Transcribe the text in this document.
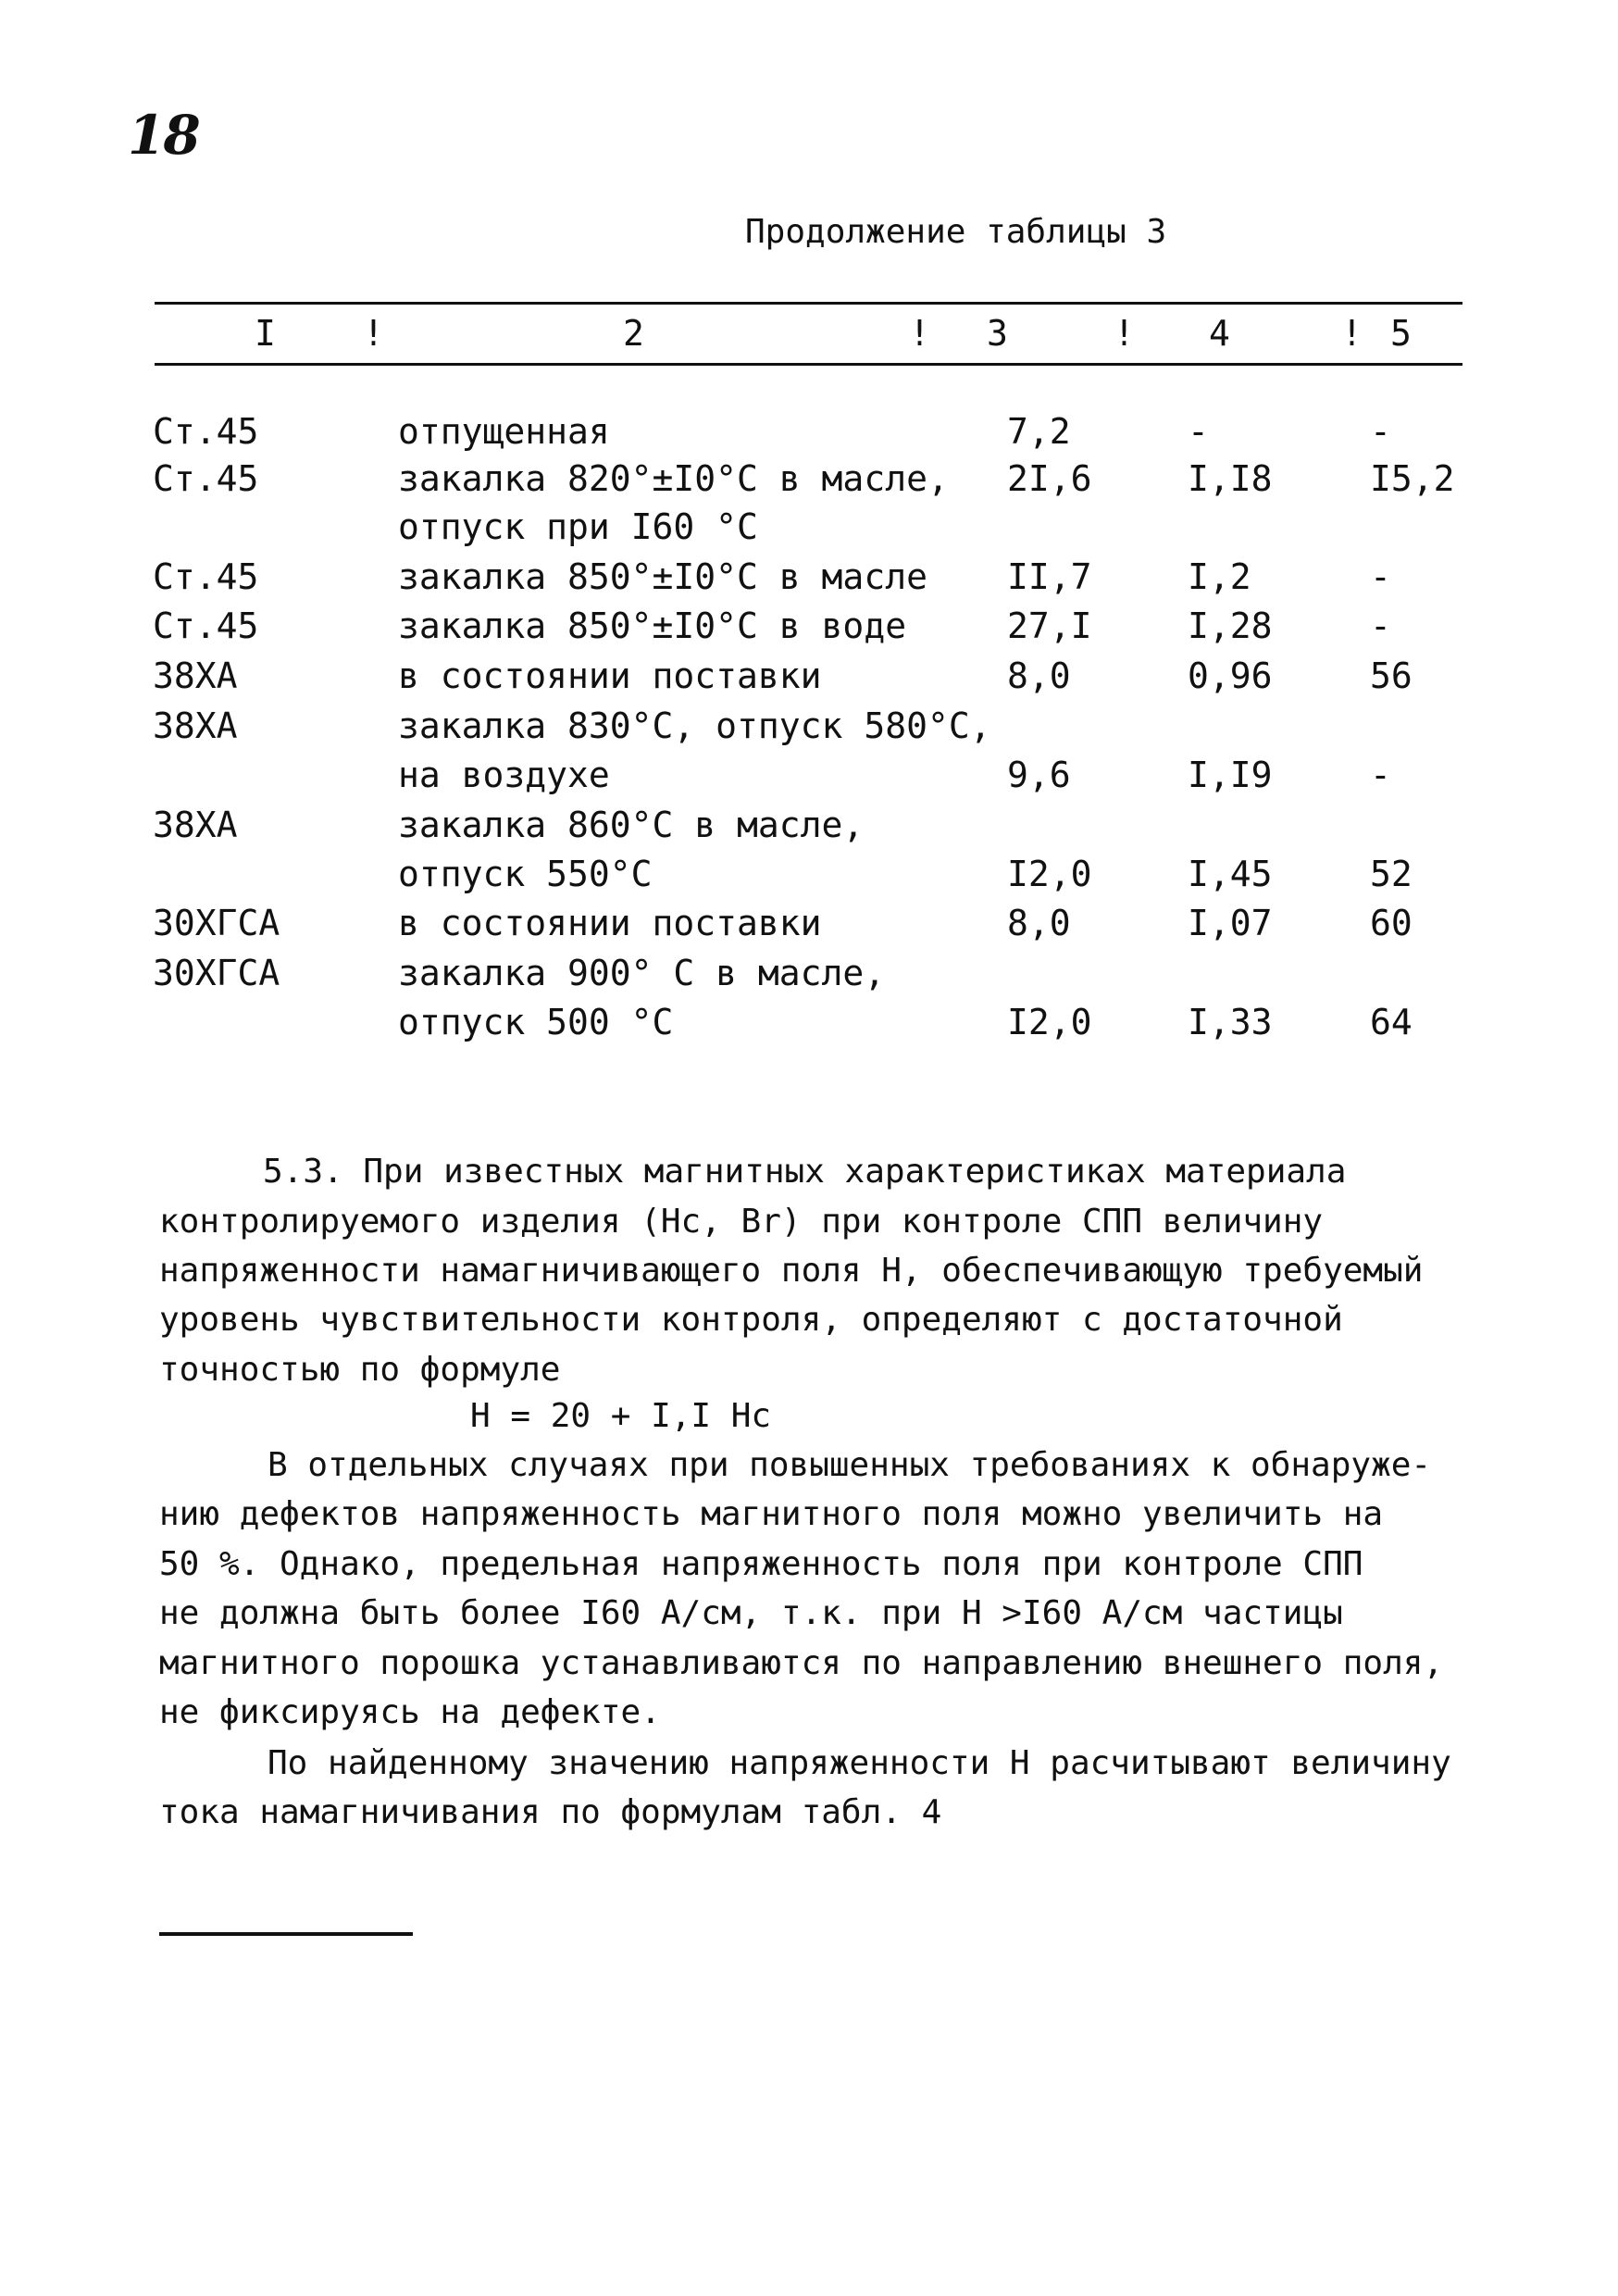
18
Продолжение таблицы 3
I !	2	! 3	! 4	! 5
Ст.45	отпущенная	7,2	-	-
Ст.45	закалка 820°±I0°С в масле, 2I,6	I,I8	I5,2
отпуск при I60 °С
Ст.45	закалка 850°±I0°С в масле II,7	I,2	-
Ст.45	закалка 850°±I0°С в воде	27,I	I,28	-
38ХА	в состоянии поставки	8,0	0,96	56
38ХА	закалка 830°С, отпуск 580°С,
на воздухе	9,6	I,I9	-
38ХА	закалка 860°С в масле,
отпуск 550°С	I2,0	I,45	52
30ХГСА	в состоянии поставки	8,0	I,07	60
30ХГСА	закалка 900° С в масле,
отпуск 500 °С	I2,0	I,33	64
5.3. При известных магнитных характеристиках материала
контролируемого изделия (Нс, Вr) при контроле СПП величину
напряженности намагничивающего поля Н, обеспечивающую требуемый
уровень чувствительности контроля, определяют с достаточной
точностью по формуле
Н = 20 + I,I Нс
В отдельных случаях при повышенных требованиях к обнаруже-
нию дефектов напряженность магнитного поля можно увеличить на
50 %. Однако, предельная напряженность поля при контроле СПП
не должна быть более I60 А/см, т.к. при Н >I60 А/см частицы
магнитного порошка устанавливаются по направлению внешнего поля,
не фиксируясь на дефекте.
По найденному значению напряженности Н расчитывают величину
тока намагничивания по формулам табл. 4
